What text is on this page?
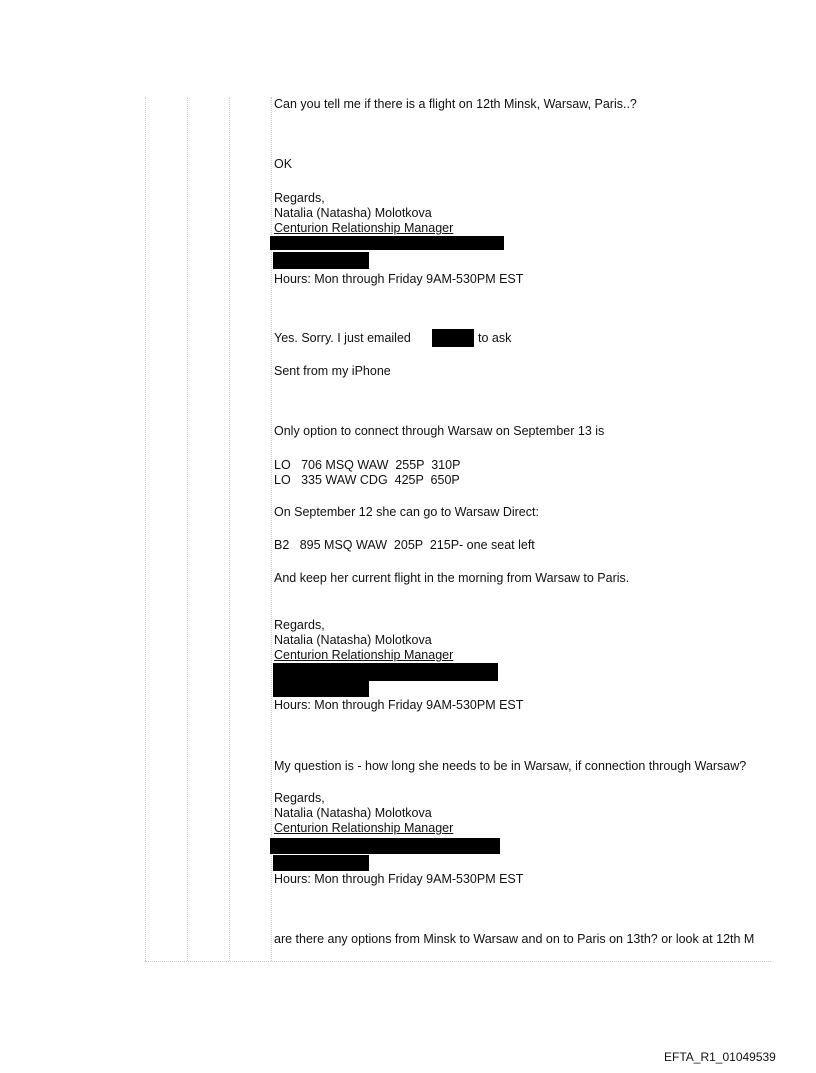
Can you tell me if there is a flight on 12th Minsk, Warsaw, Paris..?
OK
Regards,
Natalia (Natasha) Molotkova
Centurion Relationship Manager
Hours: Mon through Friday 9AM-530PM EST
Yes. Sorry. I just emailed	to ask
Sent from my iPhone
Only option to connect through Warsaw on September 13 is
LO   706 MSQ WAW  255P  310P
LO   335 WAW CDG  425P  650P
On September 12 she can go to Warsaw Direct:
B2   895 MSQ WAW  205P  215P- one seat left
And keep her current flight in the morning from Warsaw to Paris.
Regards,
Natalia (Natasha) Molotkova
Centurion Relationship Manager
Hours: Mon through Friday 9AM-530PM EST
My question is - how long she needs to be in Warsaw, if connection through Warsaw?
Regards,
Natalia (Natasha) Molotkova
Centurion Relationship Manager
Hours: Mon through Friday 9AM-530PM EST
are there any options from Minsk to Warsaw and on to Paris on 13th? or look at 12th M
EFTA_R1_01049539
